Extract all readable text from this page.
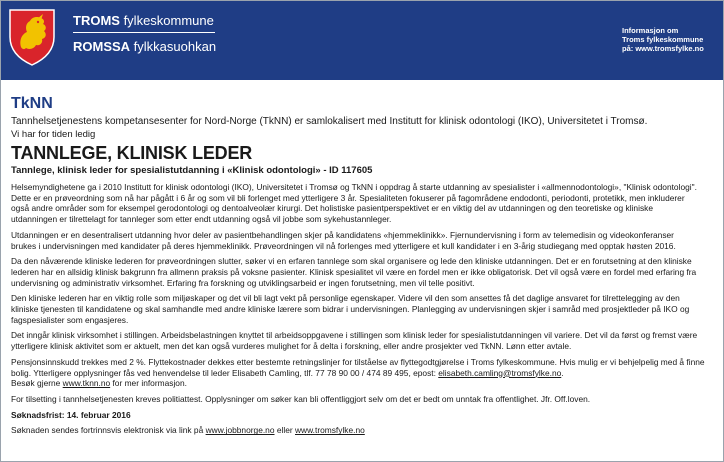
TROMS fylkeskommune
ROMSSA fylkkasuohkan
Informasjon om
Troms fylkeskommune
på: www.tromsfylke.no
TkNN
Tannhelsetjenestens kompetansesenter for Nord-Norge (TkNN) er samlokalisert med Institutt for klinisk odontologi (IKO), Universitetet i Tromsø.
Vi har for tiden ledig
TANNLEGE, KLINISK LEDER
Tannlege, klinisk leder for spesialistutdanning i «Klinisk odontologi» - ID 117605
Helsemyndighetene ga i 2010 Institutt for klinisk odontologi (IKO), Universitetet i Tromsø og TkNN i oppdrag å starte utdanning av spesialister i «allmennodontologi», "Klinisk odontologi".
Dette er en prøveordning som nå har pågått i 6 år og som vil bli forlenget med ytterligere 3 år. Spesialiteten fokuserer på fagområdene endodonti, periodonti, protetikk, men inkluderer
også andre områder som for eksempel gerodontologi og dentoalveolær kirurgi. Det holistiske pasientperspektivet er en viktig del av utdanningen og den teoretiske og kliniske
utdanningen er tilrettelagt for tannleger som etter endt utdanning også vil jobbe som sykehustannleger.
Utdanningen er en desentralisert utdanning hvor deler av pasientbehandlingen skjer på kandidatens «hjemmeklinikk». Fjernundervisning i form av telemedisin og videokonferanser
brukes i undervisningen med kandidater på deres hjemmeklinikk. Prøveordningen vil nå forlenges med ytterligere et kull kandidater i en 3-årig studiegang med opptak høsten 2016.
Da den nåværende kliniske lederen for prøveordningen slutter, søker vi en erfaren tannlege som skal organisere og lede den kliniske utdanningen. Det er en forutsetning at den kliniske
lederen har en allsidig klinisk bakgrunn fra allmenn praksis på voksne pasienter. Klinisk spesialitet vil være en fordel men er ikke obligatorisk. Det vil også være en fordel med erfaring fra
undervisning og administrativ virksomhet. Erfaring fra forskning og utviklingsarbeid er ingen forutsetning, men vil telle positivt.
Den kliniske lederen har en viktig rolle som miljøskaper og det vil bli lagt vekt på personlige egenskaper. Videre vil den som ansettes få det daglige ansvaret for tilrettelegging av den
kliniske tjenesten til kandidatene og skal samhandle med andre kliniske lærere som bidrar i undervisningen. Planlegging av undervisningen skjer i samråd med prosjektleder på IKO og
fagspesialister som engasjeres.
Det inngår klinisk virksomhet i stillingen. Arbeidsbelastningen knyttet til arbeidsoppgavene i stillingen som klinisk leder for spesialistutdanningen vil variere. Det vil da først og fremst være
ytterligere klinisk aktivitet som er aktuelt, men det kan også vurderes mulighet for å delta i forskning, eller andre prosjekter ved TkNN. Lønn etter avtale.
Pensjonsinnskudd trekkes med 2 %. Flyttekostnader dekkes etter bestemte retningslinjer for tilståelse av flyttegodtgjørelse i Troms fylkeskommune. Hvis mulig er vi behjelpelig med å finne
bolig. Ytterligere opplysninger fås ved henvendelse til leder Elisabeth Camling, tlf. 77 78 90 00 / 474 89 495, epost: elisabeth.camling@tromsfylke.no.
Besøk gjerne www.tknn.no for mer informasjon.
For tilsetting i tannhelsetjenesten kreves politiattest. Opplysninger om søker kan bli offentliggjort selv om det er bedt om unntak fra offentlighet. Jfr. Off.loven.
Søknadsfrist: 14. februar 2016
Søknaden sendes fortrinnsvis elektronisk via link på www.jobbnorge.no eller www.tromsfylke.no
